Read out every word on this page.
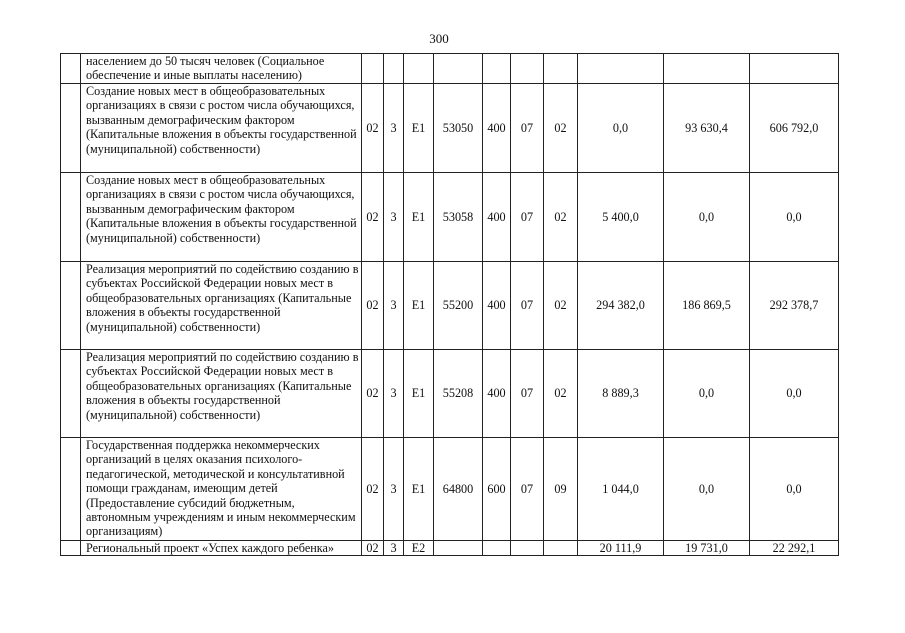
300
	населением до 50 тысяч человек (Социальное обеспечение и иные выплаты населению)										
	Создание новых мест в общеобразовательных организациях в связи с ростом числа обучающихся, вызванным демографическим фактором (Капитальные вложения в объекты государственной (муниципальной) собственности)	02	3	Е1	53050	400	07	02	0,0	93 630,4	606 792,0
	Создание новых мест в общеобразовательных организациях в связи с ростом числа обучающихся, вызванным демографическим фактором (Капитальные вложения в объекты государственной (муниципальной) собственности)	02	3	Е1	53058	400	07	02	5 400,0	0,0	0,0
	Реализация мероприятий по содействию созданию в субъектах Российской Федерации новых мест в общеобразовательных организациях (Капитальные вложения в объекты государственной (муниципальной) собственности)	02	3	Е1	55200	400	07	02	294 382,0	186 869,5	292 378,7
	Реализация мероприятий по содействию созданию в субъектах Российской Федерации новых мест в общеобразовательных организациях (Капитальные вложения в объекты государственной (муниципальной) собственности)	02	3	Е1	55208	400	07	02	8 889,3	0,0	0,0
	Государственная поддержка некоммерческих организаций в целях оказания психолого-педагогической, методической и консультативной помощи гражданам, имеющим детей (Предоставление субсидий бюджетным, автономным учреждениям и иным некоммерческим организациям)	02	3	Е1	64800	600	07	09	1 044,0	0,0	0,0
	Региональный проект «Успех каждого ребенка»	02	3	Е2					20 111,9	19 731,0	22 292,1
